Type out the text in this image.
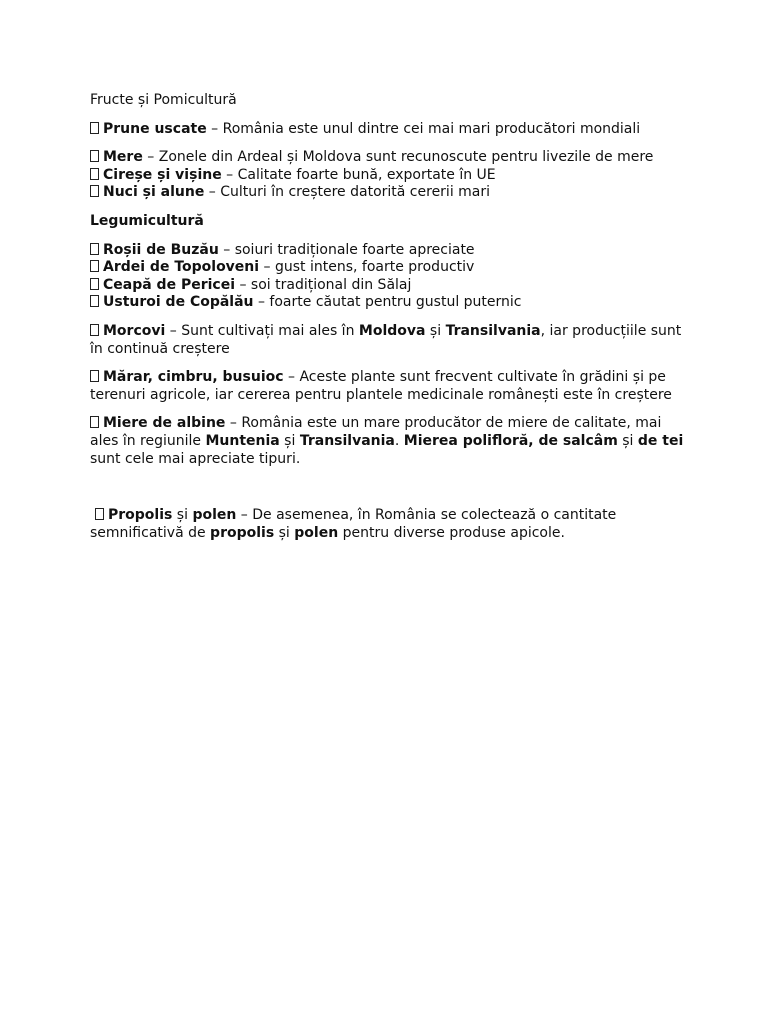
Fructe și Pomicultură

Prune uscate – România este unul dintre cei mai mari producători mondiali

Mere – Zonele din Ardeal și Moldova sunt recunoscute pentru livezile de mere

Cireșe și vișine – Calitate foarte bună, exportate în UE

Nuci și alune – Culturi în creștere datorită cererii mari

Legumicultură

Roșii de Buzău – soiuri tradiționale foarte apreciate

Ardei de Topoloveni – gust intens, foarte productiv

Ceapă de Pericei – soi tradițional din Sălaj

Usturoi de Copălău – foarte căutat pentru gustul puternic

Morcovi – Sunt cultivați mai ales în Moldova și Transilvania, iar producțiile sunt în continuă creștere

Mărar, cimbru, busuioc – Aceste plante sunt frecvent cultivate în grădini și pe terenuri agricole, iar cererea pentru plantele medicinale românești este în creștere

Miere de albine – România este un mare producător de miere de calitate, mai ales în regiunile Muntenia și Transilvania. Mierea polifloră, de salcâm și de tei sunt cele mai apreciate tipuri.

Propolis și polen – De asemenea, în România se colectează o cantitate semnificativă de propolis și polen pentru diverse produse apicole.
